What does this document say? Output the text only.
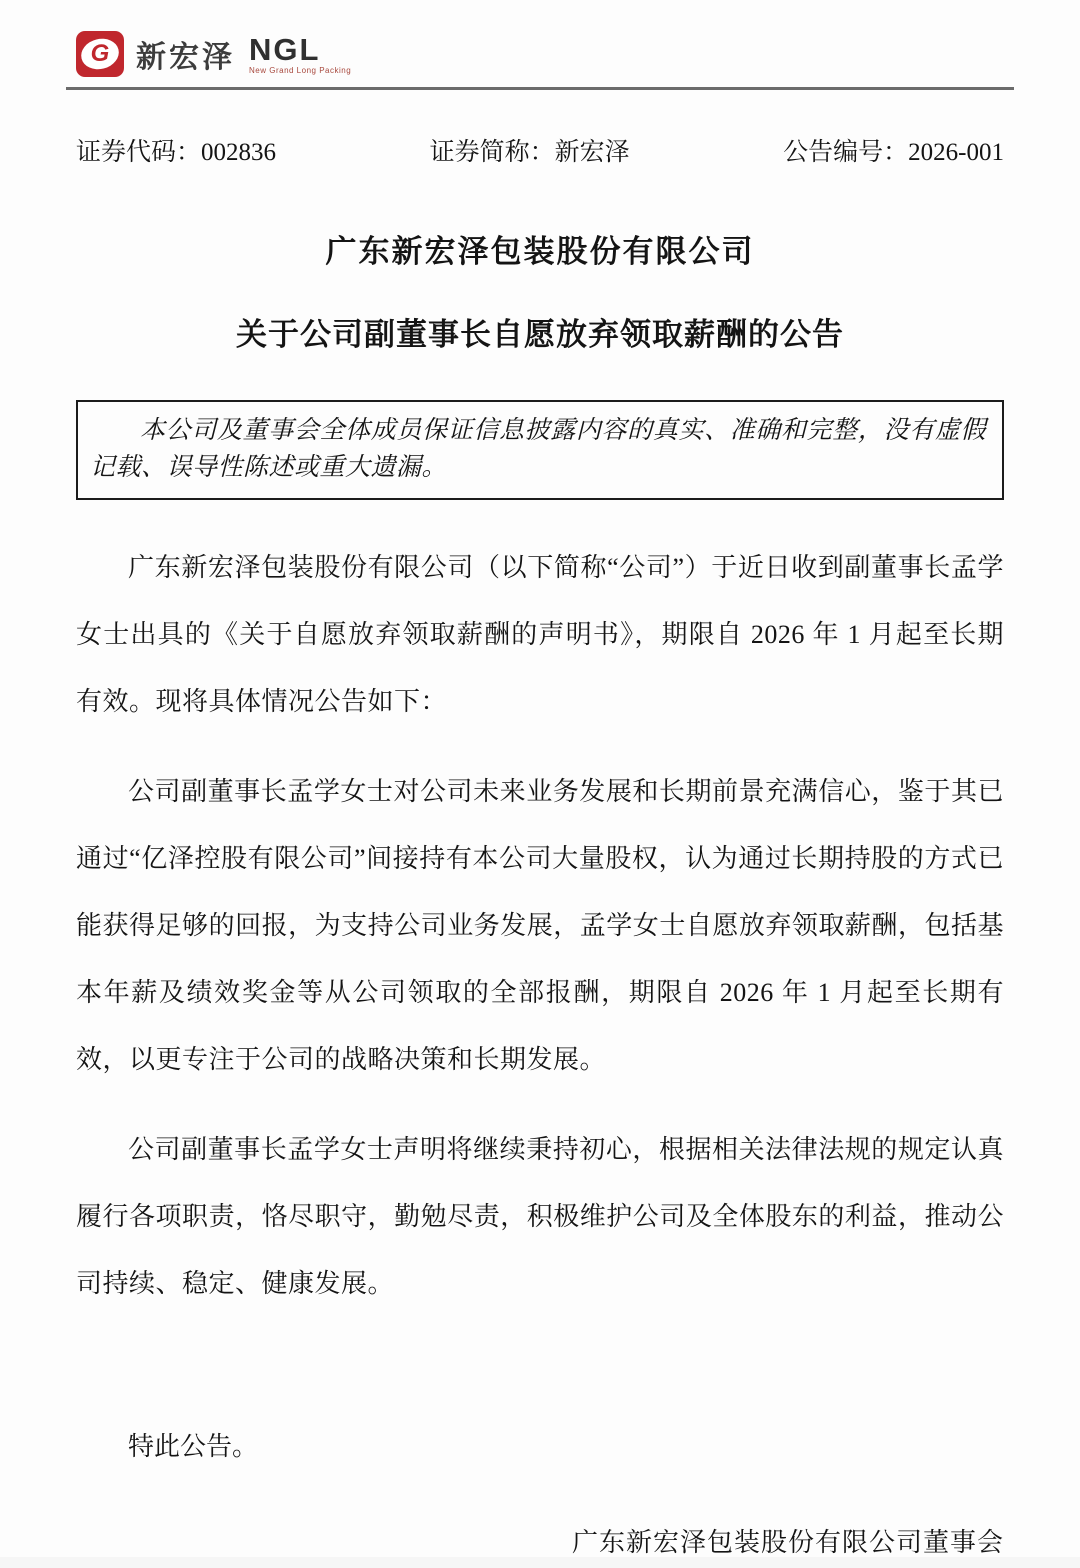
G 新宏泽 NGL
New Grand Long Packing
证券代码：002836	证券简称：新宏泽	公告编号：2026-001
广东新宏泽包装股份有限公司
关于公司副董事长自愿放弃领取薪酬的公告

本公司及董事会全体成员保证信息披露内容的真实、准确和完整，没有虚假记载、误导性陈述或重大遗漏。

广东新宏泽包装股份有限公司（以下简称“公司”）于近日收到副董事长孟学女士出具的《关于自愿放弃领取薪酬的声明书》，期限自 2026 年 1 月起至长期有效。现将具体情况公告如下：

公司副董事长孟学女士对公司未来业务发展和长期前景充满信心，鉴于其已通过“亿泽控股有限公司”间接持有本公司大量股权，认为通过长期持股的方式已能获得足够的回报，为支持公司业务发展，孟学女士自愿放弃领取薪酬，包括基本年薪及绩效奖金等从公司领取的全部报酬，期限自 2026 年 1 月起至长期有效，以更专注于公司的战略决策和长期发展。

公司副董事长孟学女士声明将继续秉持初心，根据相关法律法规的规定认真履行各项职责，恪尽职守，勤勉尽责，积极维护公司及全体股东的利益，推动公司持续、稳定、健康发展。

特此公告。
广东新宏泽包装股份有限公司董事会
